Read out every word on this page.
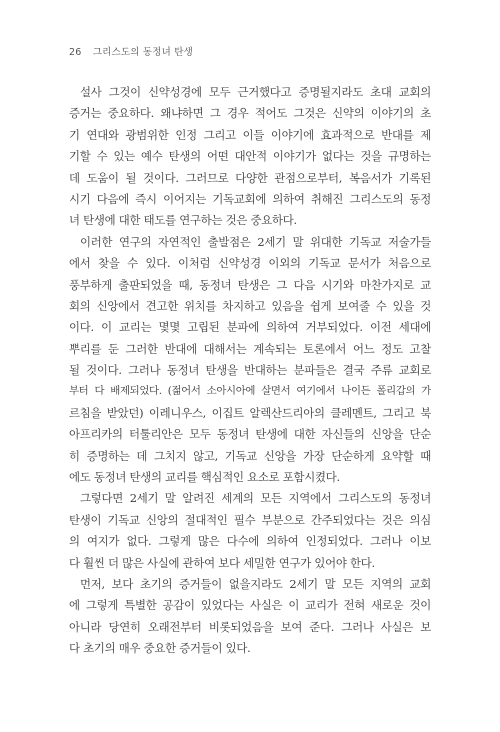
26 그리스도의 동정녀 탄생
설사 그것이 신약성경에 모두 근거했다고 증명될지라도 초대 교회의
증거는 중요하다. 왜냐하면 그 경우 적어도 그것은 신약의 이야기의 초
기 연대와 광범위한 인정 그리고 이들 이야기에 효과적으로 반대를 제
기할 수 있는 예수 탄생의 어떤 대안적 이야기가 없다는 것을 규명하는
데 도움이 될 것이다. 그러므로 다양한 관점으로부터, 복음서가 기록된
시기 다음에 즉시 이어지는 기독교회에 의하여 취해진 그리스도의 동정
녀 탄생에 대한 태도를 연구하는 것은 중요하다.
이러한 연구의 자연적인 출발점은 2세기 말 위대한 기독교 저술가들
에서 찾을 수 있다. 이처럼 신약성경 이외의 기독교 문서가 처음으로
풍부하게 출판되었을 때, 동정녀 탄생은 그 다음 시기와 마찬가지로 교
회의 신앙에서 견고한 위치를 차지하고 있음을 쉽게 보여줄 수 있을 것
이다. 이 교리는 몇몇 고립된 분파에 의하여 거부되었다. 이전 세대에
뿌리를 둔 그러한 반대에 대해서는 계속되는 토론에서 어느 정도 고찰
될 것이다. 그러나 동정녀 탄생을 반대하는 분파들은 결국 주류 교회로
부터 다 배제되었다. (젊어서 소아시아에 살면서 여기에서 나이든 폴리갑의 가
르침을 받았던) 이레니우스, 이집트 알렉산드리아의 클레멘트, 그리고 북
아프리카의 터툴리안은 모두 동정녀 탄생에 대한 자신들의 신앙을 단순
히 증명하는 데 그치지 않고, 기독교 신앙을 가장 단순하게 요약할 때
에도 동정녀 탄생의 교리를 핵심적인 요소로 포함시켰다.
그렇다면 2세기 말 알려진 세계의 모든 지역에서 그리스도의 동정녀
탄생이 기독교 신앙의 절대적인 필수 부분으로 간주되었다는 것은 의심
의 여지가 없다. 그렇게 많은 다수에 의하여 인정되었다. 그러나 이보
다 훨씬 더 많은 사실에 관하여 보다 세밀한 연구가 있어야 한다.
먼저, 보다 초기의 증거들이 없을지라도 2세기 말 모든 지역의 교회
에 그렇게 특별한 공감이 있었다는 사실은 이 교리가 전혀 새로운 것이
아니라 당연히 오래전부터 비롯되었음을 보여 준다. 그러나 사실은 보
다 초기의 매우 중요한 증거들이 있다.
